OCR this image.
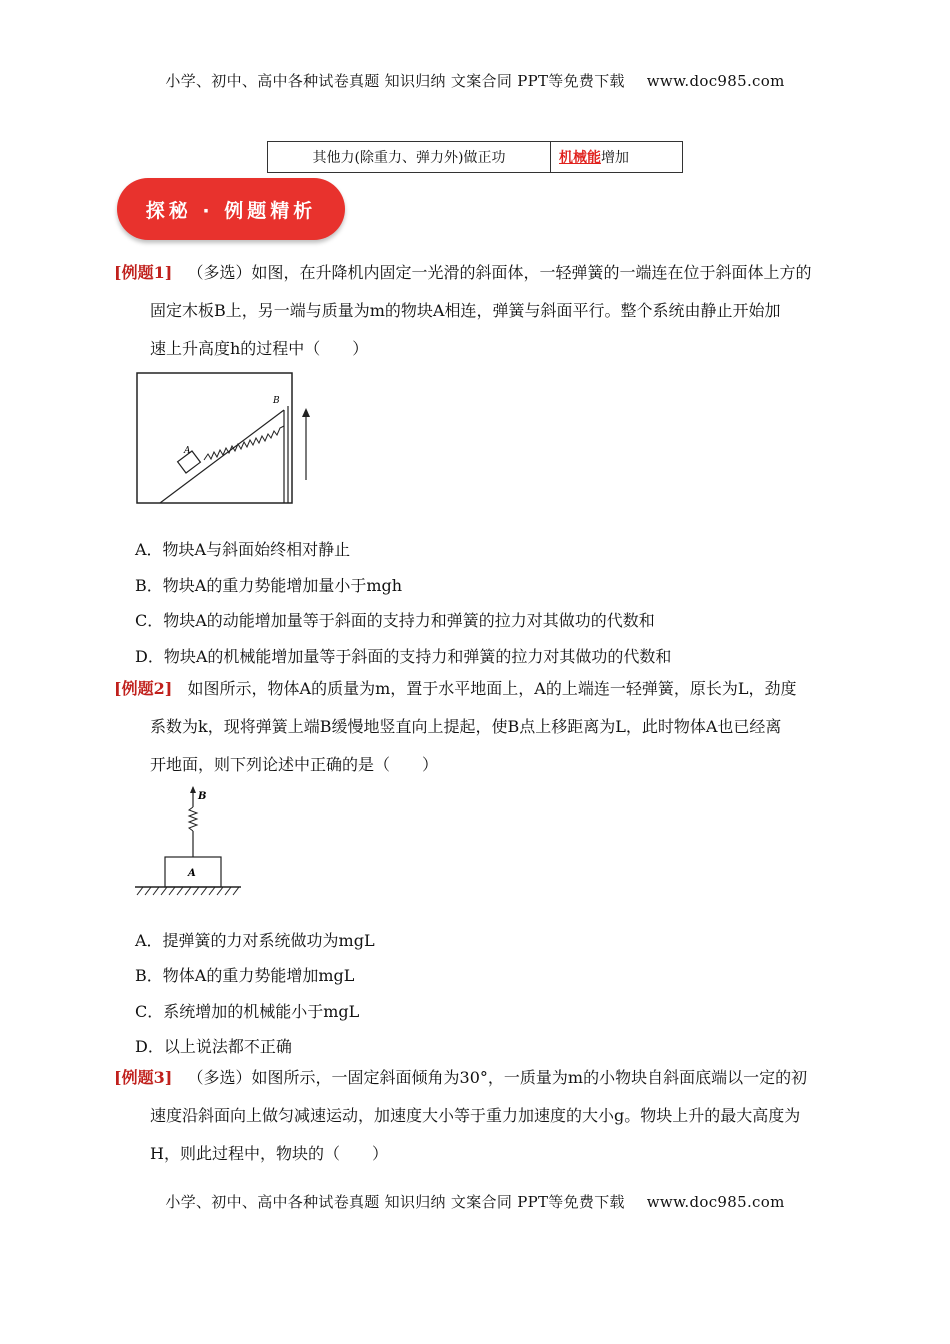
小学、初中、高中各种试卷真题 知识归纳 文案合同 PPT等免费下载 www.doc985.com
其他力(除重力、弹力外)做正功	机械能增加
探秘 · 例题精析
[例题1] （多选）如图，在升降机内固定一光滑的斜面体，一轻弹簧的一端连在位于斜面体上方的
固定木板B上，另一端与质量为m的物块A相连，弹簧与斜面平行。整个系统由静止开始加
速上升高度h的过程中（　　）
A
B
A．物块A与斜面始终相对静止
B．物块A的重力势能增加量小于mgh
C．物块A的动能增加量等于斜面的支持力和弹簧的拉力对其做功的代数和
D．物块A的机械能增加量等于斜面的支持力和弹簧的拉力对其做功的代数和
[例题2] 如图所示，物体A的质量为m，置于水平地面上，A的上端连一轻弹簧，原长为L，劲度
系数为k，现将弹簧上端B缓慢地竖直向上提起，使B点上移距离为L，此时物体A也已经离
开地面，则下列论述中正确的是（　　）
B
A
A．提弹簧的力对系统做功为mgL
B．物体A的重力势能增加mgL
C．系统增加的机械能小于mgL
D．以上说法都不正确
[例题3] （多选）如图所示，一固定斜面倾角为30°，一质量为m的小物块自斜面底端以一定的初
速度沿斜面向上做匀减速运动，加速度大小等于重力加速度的大小g。物块上升的最大高度为
H，则此过程中，物块的（　　）
小学、初中、高中各种试卷真题 知识归纳 文案合同 PPT等免费下载 www.doc985.com
